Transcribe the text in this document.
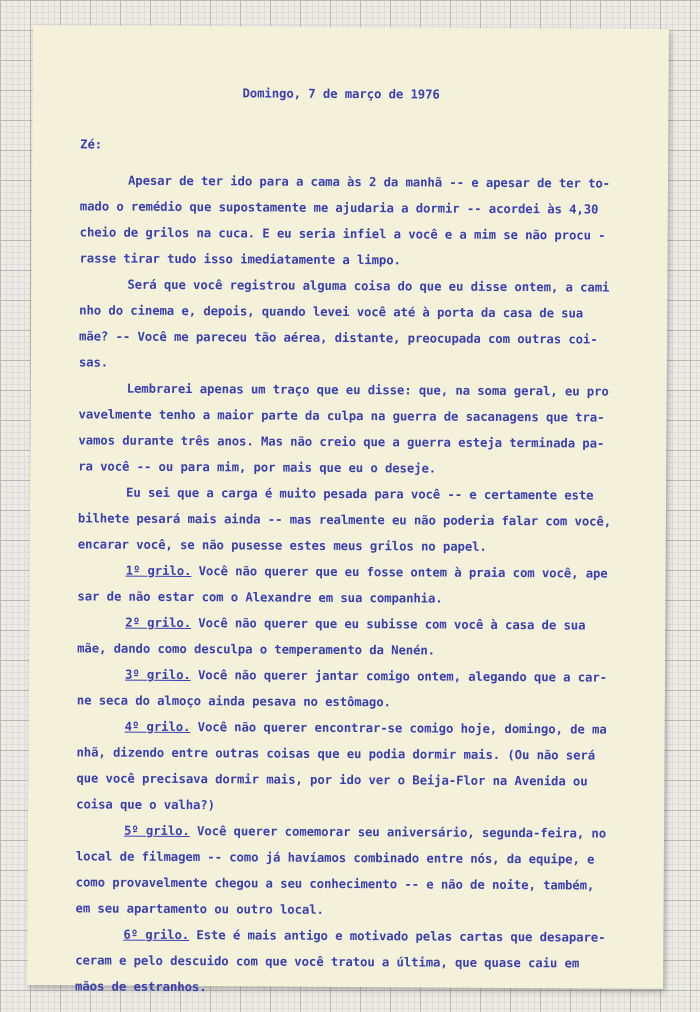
Domingo, 7 de março de 1976
Zé:
Apesar de ter ido para a cama às 2 da manhã -- e apesar de ter to-
mado o remédio que supostamente me ajudaria a dormir -- acordei às 4,30
cheio de grilos na cuca. E eu seria infiel a você e a mim se não procu -
rasse tirar tudo isso imediatamente a limpo.
Será que você registrou alguma coisa do que eu disse ontem, a cami
nho do cinema e, depois, quando levei você até à porta da casa de sua
mãe? -- Você me pareceu tão aérea, distante, preocupada com outras coi-
sas.
Lembrarei apenas um traço que eu disse: que, na soma geral, eu pro
vavelmente tenho a maior parte da culpa na guerra de sacanagens que tra-
vamos durante três anos. Mas não creio que a guerra esteja terminada pa-
ra você -- ou para mim, por mais que eu o deseje.
Eu sei que a carga é muito pesada para você -- e certamente este
bilhete pesará mais ainda -- mas realmente eu não poderia falar com você,
encarar você, se não pusesse estes meus grilos no papel.
1º grilo. Você não querer que eu fosse ontem à praia com você, ape
sar de não estar com o Alexandre em sua companhia.
2º grilo. Você não querer que eu subisse com você à casa de sua
mãe, dando como desculpa o temperamento da Nenén.
3º grilo. Você não querer jantar comigo ontem, alegando que a car-
ne seca do almoço ainda pesava no estômago.
4º grilo. Você não querer encontrar-se comigo hoje, domingo, de ma
nhã, dizendo entre outras coisas que eu podia dormir mais. (Ou não será
que você precisava dormir mais, por ido ver o Beija-Flor na Avenida ou
coisa que o valha?)
5º grilo. Você querer comemorar seu aniversário, segunda-feira, no
local de filmagem -- como já havíamos combinado entre nós, da equipe, e
como provavelmente chegou a seu conhecimento -- e não de noite, também,
em seu apartamento ou outro local.
6º grilo. Este é mais antigo e motivado pelas cartas que desapare-
ceram e pelo descuido com que você tratou a última, que quase caiu em
mãos de estranhos.
